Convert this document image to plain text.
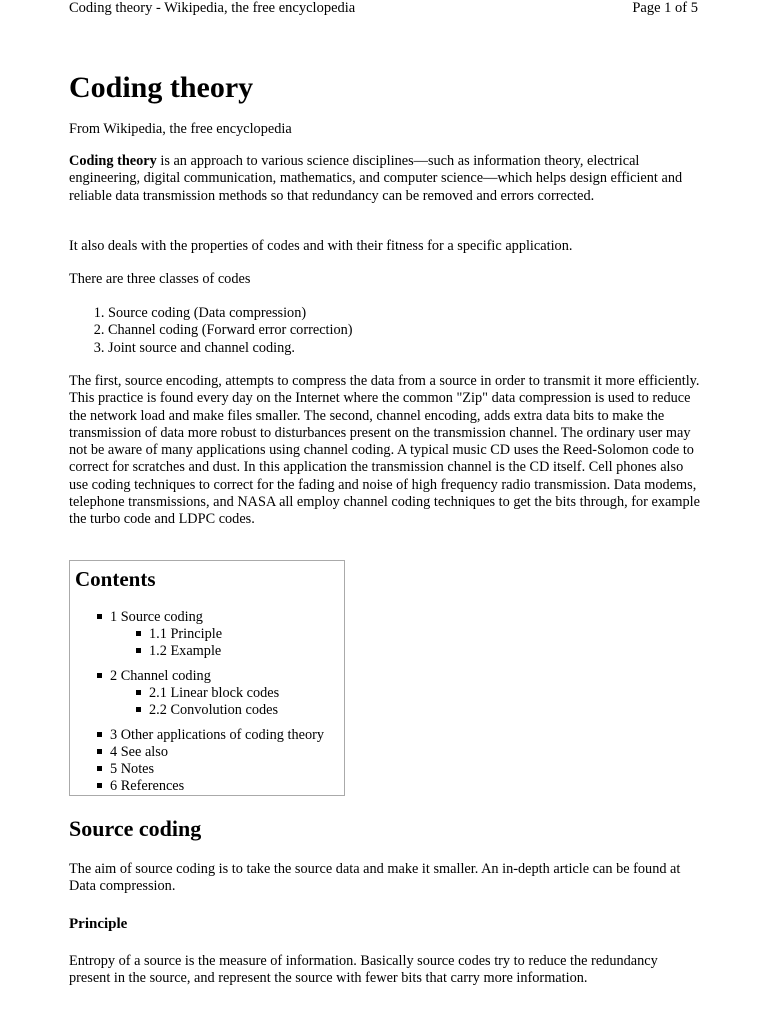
Coding theory - Wikipedia, the free encyclopedia	Page 1 of 5
Coding theory

From Wikipedia, the free encyclopedia

Coding theory is an approach to various science disciplines—such as information theory, electrical engineering, digital communication, mathematics, and computer science—which helps design efficient and reliable data transmission methods so that redundancy can be removed and errors corrected.

It also deals with the properties of codes and with their fitness for a specific application.

There are three classes of codes

1. Source coding (Data compression)
2. Channel coding (Forward error correction)
3. Joint source and channel coding.

The first, source encoding, attempts to compress the data from a source in order to transmit it more efficiently. This practice is found every day on the Internet where the common "Zip" data compression is used to reduce the network load and make files smaller. The second, channel encoding, adds extra data bits to make the transmission of data more robust to disturbances present on the transmission channel. The ordinary user may not be aware of many applications using channel coding. A typical music CD uses the Reed-Solomon code to correct for scratches and dust. In this application the transmission channel is the CD itself. Cell phones also use coding techniques to correct for the fading and noise of high frequency radio transmission. Data modems, telephone transmissions, and NASA all employ channel coding techniques to get the bits through, for example the turbo code and LDPC codes.

Contents
1 Source coding
1.1 Principle
1.2 Example
2 Channel coding
2.1 Linear block codes
2.2 Convolution codes
3 Other applications of coding theory
4 See also
5 Notes
6 References
Source coding

The aim of source coding is to take the source data and make it smaller. An in-depth article can be found at Data compression.

Principle

Entropy of a source is the measure of information. Basically source codes try to reduce the redundancy present in the source, and represent the source with fewer bits that carry more information.
